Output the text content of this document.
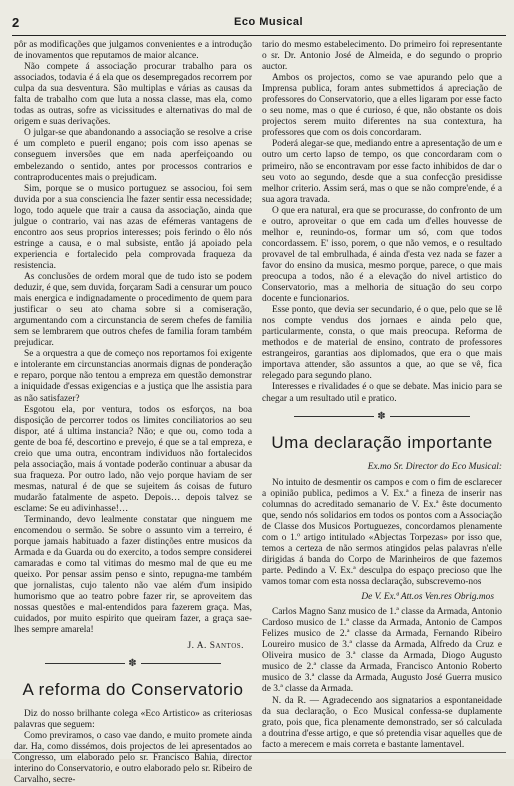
2	Eco Musical

pôr as modificações que julgamos convenientes e a introdução de inovamentos que reputamos de maior alcance.

Não compete á associação procurar trabalho para os associados, todavia é á ela que os desempregados recorrem por culpa da sua desventura. São multiplas e várias as causas da falta de trabalho com que luta a nossa classe, mas ela, como todas as outras, sofre as vicissitudes e alternativas do mal de origem e suas derivações.

O julgar-se que abandonando a associação se resolve a crise é um completo e pueril engano; pois com isso apenas se conseguem inversões que em nada aperfeiçoando ou embelezando o sentido, antes por processos contrarios e contraproducentes mais o prejudicam.

Sim, porque se o musico portuguez se associou, foi sem duvida por a sua consciencia lhe fazer sentir essa necessidade; logo, todo aquele que trair a causa da associação, ainda que julgue o contrario, vai nas azas de efémeras vantagens de encontro aos seus proprios interesses; pois ferindo o êlo nós estringe a causa, e o mal subsiste, então já apoiado pela experiencia e fortalecido pela comprovada fraqueza da resistencia.

As conclusões de ordem moral que de tudo isto se podem deduzir, é que, sem duvida, forçaram Sadi a censurar um pouco mais energica e indignadamente o procedimento de quem para justificar o seu ato chama sobre si a comiseração, argumentando com a circunstancia de serem chefes de familia sem se lembrarem que outros chefes de familia foram também prejudicar.

Se a orquestra a que de começo nos reportamos foi exigente e intolerante em circunstancias anormais dignas de ponderação e reparo, porque não tentou a empreza em questão demonstrar a iniquidade d'essas exigencias e a justiça que lhe assistia para as não satisfazer?

Esgotou ela, por ventura, todos os esforços, na boa disposição de percorrer todos os limites conciliatorios ao seu dispor, até á ultima instancia? Não; e que ou, como toda a gente de boa fé, descortino e prevejo, é que se a tal empreza, e creio que uma outra, encontram individuos não fortalecidos pela associação, mais á vontade poderão continuar a abusar da sua fraqueza. Por outro lado, não vejo porque haviam de ser mesmas, natural é de que se sujeitem ás coisas de futuro mudarão fatalmente de aspeto. Depois… depois talvez se esclame: Se eu adivinhasse!…

Terminando, devo lealmente constatar que ninguem me encomendou o sermão. Se sobre o assunto vim a terreiro, é porque jamais habituado a fazer distinções entre musicos da Armada e da Guarda ou do exercito, a todos sempre considerei camaradas e como tal vitimas do mesmo mal de que eu me queixo. Por pensar assim penso e sinto, repugna-me também que jornalistas, cujo talento não vae além d'um insipido humorismo que ao teatro pobre fazer rir, se aproveitem das nossas questões e mal-entendidos para fazerem graça. Mas, cuidados, por muito espirito que queiram fazer, a graça sae-lhes sempre amarela!

J. A. Santos.
✽
A reforma do Conservatorio

Diz do nosso brilhante colega «Eco Artistico» as criteriosas palavras que seguem:

Como previramos, o caso vae dando, e muito promete ainda dar. Ha, como dissémos, dois projectos de lei apresentados ao Congresso, um elaborado pelo sr. Francisco Bahia, director interino do Conservatorio, e outro elaborado pelo sr. Ribeiro de Carvalho, secre-

tario do mesmo estabelecimento. Do primeiro foi representante o sr. Dr. Antonio José de Almeida, e do segundo o proprio auctor.

Ambos os projectos, como se vae apurando pelo que a Imprensa publica, foram antes submettidos á apreciação de professores do Conservatorio, que a elles ligaram por esse facto o seu nome, mas o que é curioso, é que, não obstante os dois projectos serem muito diferentes na sua contextura, ha professores que com os dois concordaram.

Poderá alegar-se que, mediando entre a apresentação de um e outro um certo lapso de tempo, os que concordaram com o primeiro, não se encontravam por esse facto inhibidos de dar o seu voto ao segundo, desde que a sua confecção presidisse melhor criterio. Assim será, mas o que se não compre'ende, é a sua agora travada.

O que era natural, era que se procurasse, do confronto de um e outro, aproveitar o que em cada um d'elles houvesse de melhor e, reunindo-os, formar um só, com que todos concordassem. E' isso, porem, o que não vemos, e o resultado provavel de tal embrulhada, é ainda d'esta vez nada se fazer a favor do ensino da musica, mesmo porque, parece, o que mais preocupa a todos, não é a elevação do nivel artistico do Conservatorio, mas a melhoria de situação do seu corpo docente e funcionarios.

Esse ponto, que devia ser secundario, é o que, pelo que se lê nos compte vendus dos jornaes e ainda pelo que, particularmente, consta, o que mais preocupa. Reforma de methodos e de material de ensino, contrato de professores estrangeiros, garantias aos diplomados, que era o que mais importava attender, são assuntos a que, ao que se vê, fica relegado para segundo plano.

Interesses e rivalidades é o que se debate. Mas inicio para se chegar a um resultado util e pratico.

✽
Uma declaração importante
Ex.mo Sr. Director do Eco Musical:

No intuito de desmentir os campos e com o fim de esclarecer a opinião publica, pedimos a V. Ex.ª a fineza de inserir nas columnas do acreditado semanario de V. Ex.ª êste documento que, sendo nós solidarios em todos os pontos com a Associação de Classe dos Musicos Portuguezes, concordamos plenamente com o 1.º artigo intitulado «Abjectas Torpezas» por isso que, temos a certeza de não sermos atingidos pelas palavras n'elle dirigidas á banda do Corpo de Marinheiros de que fazemos parte. Pedindo a V. Ex.ª desculpa do espaço precioso que lhe vamos tomar com esta nossa declaração, subscrevemo-nos

De V. Ex.ª Att.os Ven.res Obrig.mos

Carlos Magno Sanz musico de 1.ª classe da Armada, Antonio Cardoso musico de 1.ª classe da Armada, Antonio de Campos Felizes musico de 2.ª classe da Armada, Fernando Ribeiro Loureiro musico de 3.ª classe da Armada, Alfredo da Cruz e Oliveira musico de 3.ª classe da Armada, Diogo Augusto musico de 2.ª classe da Armada, Francisco Antonio Roberto musico de 3.ª classe da Armada, Augusto José Guerra musico de 3.ª classe da Armada.

N. da R. — Agradecendo aos signatarios a espontaneidade da sua declaração, o Eco Musical confessa-se duplamente grato, pois que, fica plenamente demonstrado, ser só calculada a doutrina d'esse artigo, e que só pretendia visar aquelles que de facto a merecem e mais correta e bastante lamentavel.
